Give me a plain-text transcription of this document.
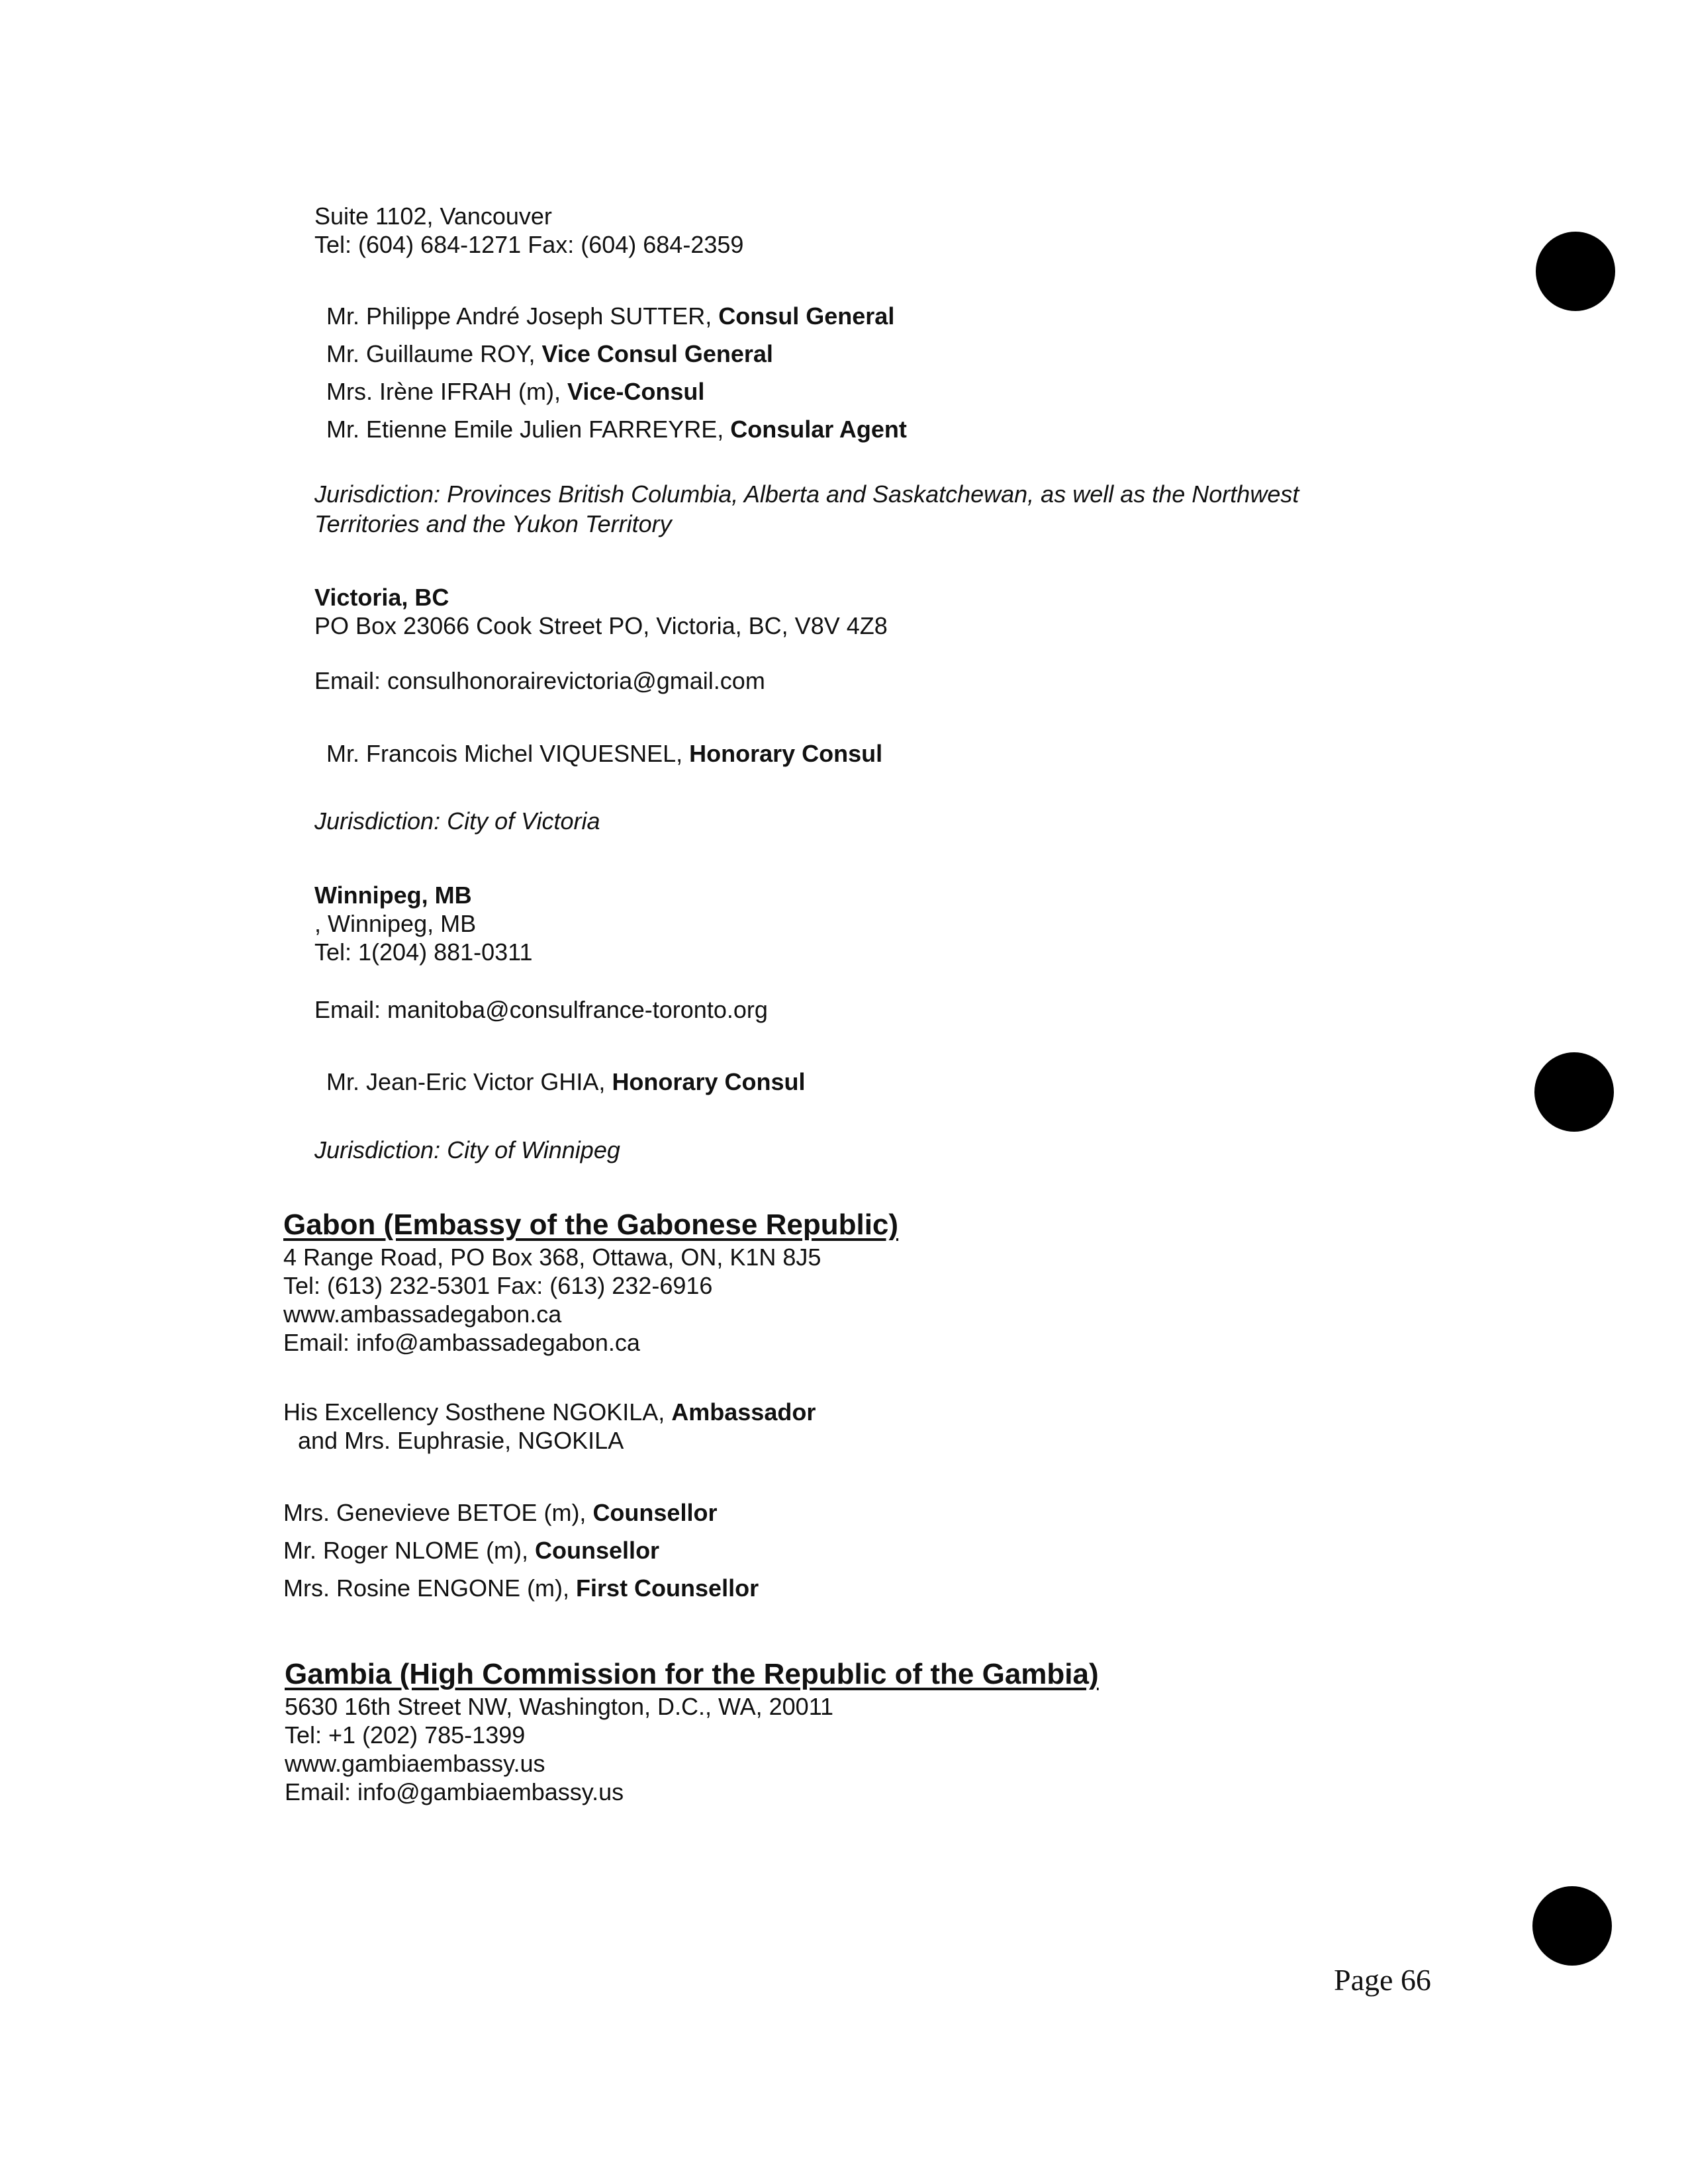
Suite 1102, Vancouver
Tel: (604) 684-1271 Fax: (604) 684-2359
Mr. Philippe André Joseph SUTTER, Consul General
Mr. Guillaume ROY, Vice Consul General
Mrs. Irène IFRAH (m), Vice-Consul
Mr. Etienne Emile Julien FARREYRE, Consular Agent
Jurisdiction: Provinces British Columbia, Alberta and Saskatchewan, as well as the Northwest
Territories and the Yukon Territory
Victoria, BC
PO Box 23066 Cook Street PO, Victoria, BC, V8V 4Z8
Email: consulhonorairevictoria@gmail.com
Mr. Francois Michel VIQUESNEL, Honorary Consul
Jurisdiction: City of Victoria
Winnipeg, MB
, Winnipeg, MB
Tel: 1(204) 881-0311
Email: manitoba@consulfrance-toronto.org
Mr. Jean-Eric Victor GHIA, Honorary Consul
Jurisdiction: City of Winnipeg
Gabon (Embassy of the Gabonese Republic)
4 Range Road, PO Box 368, Ottawa, ON, K1N 8J5
Tel: (613) 232-5301 Fax: (613) 232-6916
www.ambassadegabon.ca
Email: info@ambassadegabon.ca
His Excellency Sosthene NGOKILA, Ambassador
and Mrs. Euphrasie, NGOKILA
Mrs. Genevieve BETOE (m), Counsellor
Mr. Roger NLOME (m), Counsellor
Mrs. Rosine ENGONE (m), First Counsellor
Gambia (High Commission for the Republic of the Gambia)
5630 16th Street NW, Washington, D.C., WA, 20011
Tel: +1 (202) 785-1399
www.gambiaembassy.us
Email: info@gambiaembassy.us
Page 66
